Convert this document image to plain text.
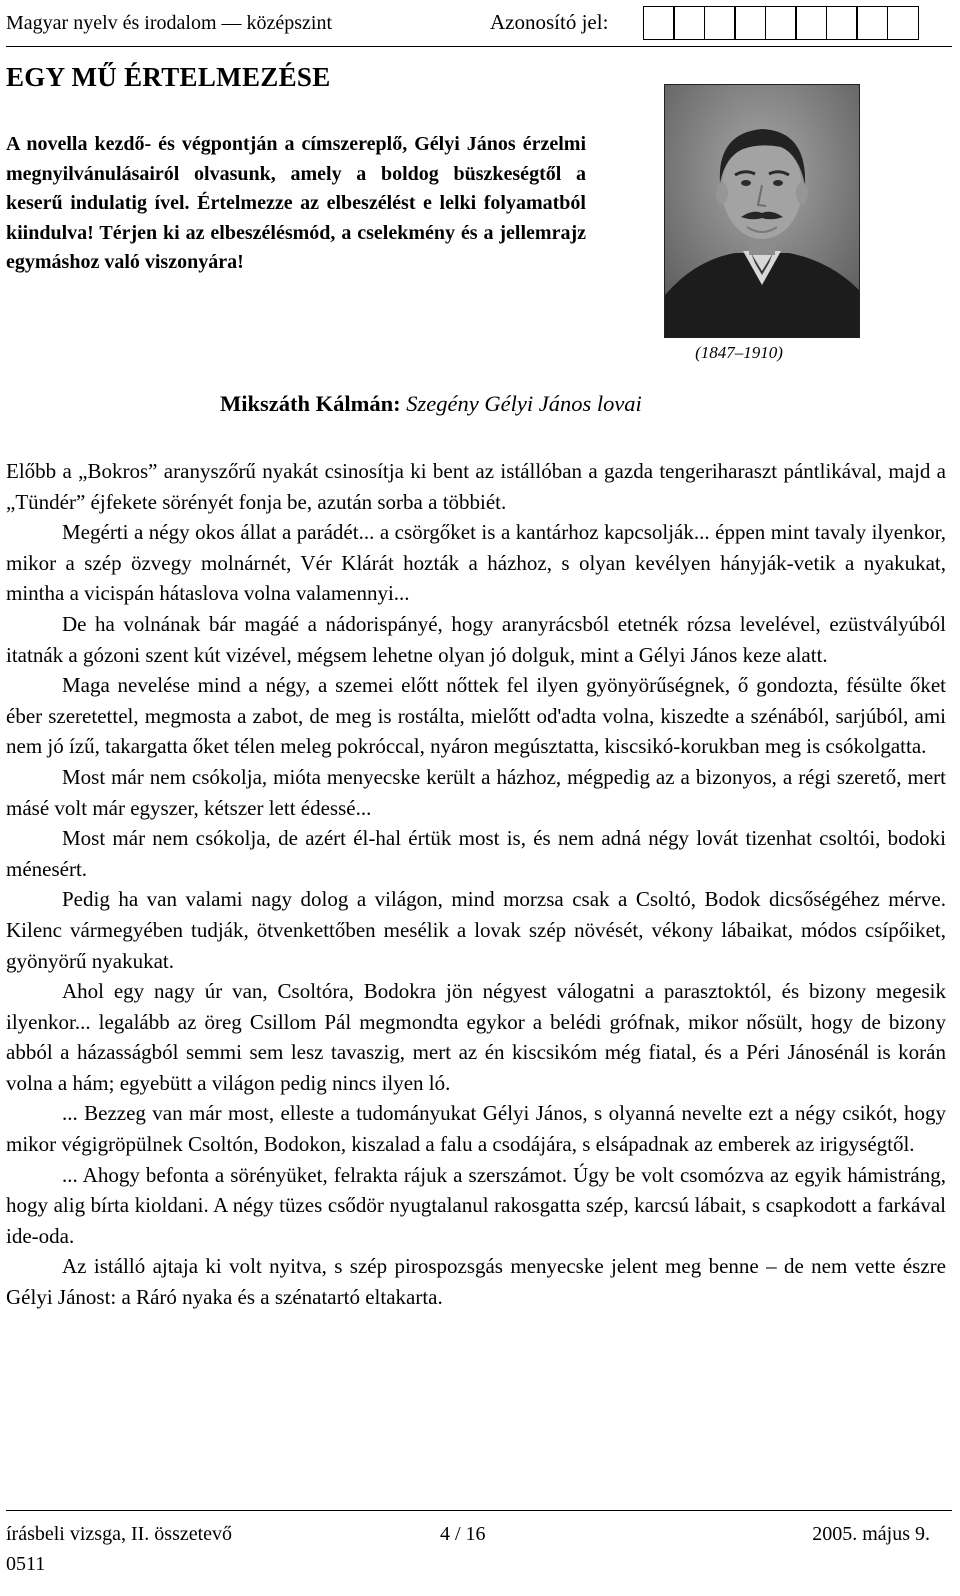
Magyar nyelv és irodalom — középszint	Azonosító jel:
EGY MŰ ÉRTELMEZÉSE
A novella kezdő- és végpontján a címszereplő, Gélyi János érzelmi megnyilvánulásairól olvasunk, amely a boldog büszkeségtől a keserű indulatig ível. Értelmezze az elbeszélést e lelki folyamatból kiindulva! Térjen ki az elbeszélésmód, a cselekmény és a jellemrajz egymáshoz való viszonyára!
(1847–1910)
Mikszáth Kálmán: Szegény Gélyi János lovai

Előbb a „Bokros” aranyszőrű nyakát csinosítja ki bent az istállóban a gazda tengeriharaszt pántlikával, majd a „Tündér” éjfekete sörényét fonja be, azután sorba a többiét.

Megérti a négy okos állat a parádét... a csörgőket is a kantárhoz kapcsolják... éppen mint tavaly ilyenkor, mikor a szép özvegy molnárnét, Vér Klárát hozták a házhoz, s olyan kevélyen hányják-vetik a nyakukat, mintha a vicispán hátaslova volna valamennyi...

De ha volnának bár magáé a nádorispányé, hogy aranyrácsból etetnék rózsa levelével, ezüstvályúból itatnák a gózoni szent kút vizével, mégsem lehetne olyan jó dolguk, mint a Gélyi János keze alatt.

Maga nevelése mind a négy, a szemei előtt nőttek fel ilyen gyönyörűségnek, ő gondozta, fésülte őket éber szeretettel, megmosta a zabot, de meg is rostálta, mielőtt od'adta volna, kiszedte a szénából, sarjúból, ami nem jó ízű, takargatta őket télen meleg pokróccal, nyáron megúsztatta, kiscsikó-korukban meg is csókolgatta.

Most már nem csókolja, mióta menyecske került a házhoz, mégpedig az a bizonyos, a régi szerető, mert másé volt már egyszer, kétszer lett édessé...

Most már nem csókolja, de azért él-hal értük most is, és nem adná négy lovát tizenhat csoltói, bodoki ménesért.

Pedig ha van valami nagy dolog a világon, mind morzsa csak a Csoltó, Bodok dicsőségéhez mérve. Kilenc vármegyében tudják, ötvenkettőben mesélik a lovak szép növését, vékony lábaikat, módos csípőiket, gyönyörű nyakukat.

Ahol egy nagy úr van, Csoltóra, Bodokra jön négyest válogatni a parasztoktól, és bizony megesik ilyenkor... legalább az öreg Csillom Pál megmondta egykor a belédi grófnak, mikor nősült, hogy de bizony abból a házasságból semmi sem lesz tavaszig, mert az én kiscsikóm még fiatal, és a Péri Jánosénál is korán volna a hám; egyebütt a világon pedig nincs ilyen ló.

... Bezzeg van már most, elleste a tudományukat Gélyi János, s olyanná nevelte ezt a négy csikót, hogy mikor végigröpülnek Csoltón, Bodokon, kiszalad a falu a csodájára, s elsápadnak az emberek az irigységtől.

... Ahogy befonta a sörényüket, felrakta rájuk a szerszámot. Úgy be volt csomózva az egyik hámistráng, hogy alig bírta kioldani. A négy tüzes csődör nyugtalanul rakosgatta szép, karcsú lábait, s csapkodott a farkával ide-oda.

Az istálló ajtaja ki volt nyitva, s szép pirospozsgás menyecske jelent meg benne – de nem vette észre Gélyi Jánost: a Ráró nyaka és a szénatartó eltakarta.

írásbeli vizsga, II. összetevő
0511
4 / 16	2005. május 9.
